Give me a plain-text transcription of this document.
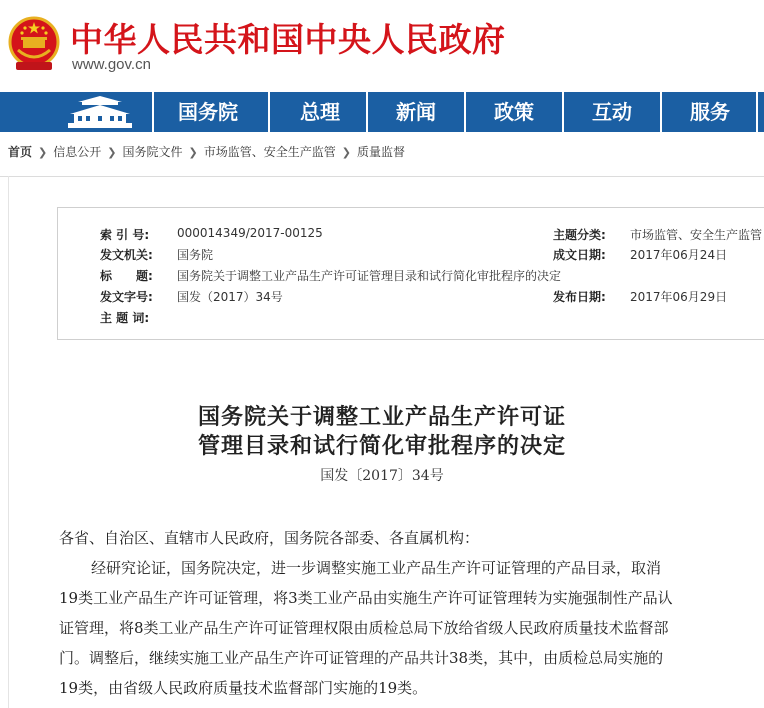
中华人民共和国中央人民政府
www.gov.cn
国务院	总理	新闻	政策	互动	服务
首页 ❯ 信息公开 ❯ 国务院文件 ❯ 市场监管、安全生产监管 ❯ 质量监督
索 引 号: 000014349/2017-00125	主题分类: 市场监管、安全生产监管
发文机关: 国务院	成文日期: 2017年06月24日
标　　题: 国务院关于调整工业产品生产许可证管理目录和试行简化审批程序的决定
发文字号: 国发（2017）34号	发布日期: 2017年06月29日
主 题 词:
国务院关于调整工业产品生产许可证
管理目录和试行简化审批程序的决定
国发〔2017〕34号
各省、自治区、直辖市人民政府，国务院各部委、各直属机构：
经研究论证，国务院决定，进一步调整实施工业产品生产许可证管理的产品目录，取消
19类工业产品生产许可证管理，将3类工业产品由实施生产许可证管理转为实施强制性产品认
证管理，将8类工业产品生产许可证管理权限由质检总局下放给省级人民政府质量技术监督部
门。调整后，继续实施工业产品生产许可证管理的产品共计38类，其中，由质检总局实施的
19类，由省级人民政府质量技术监督部门实施的19类。
